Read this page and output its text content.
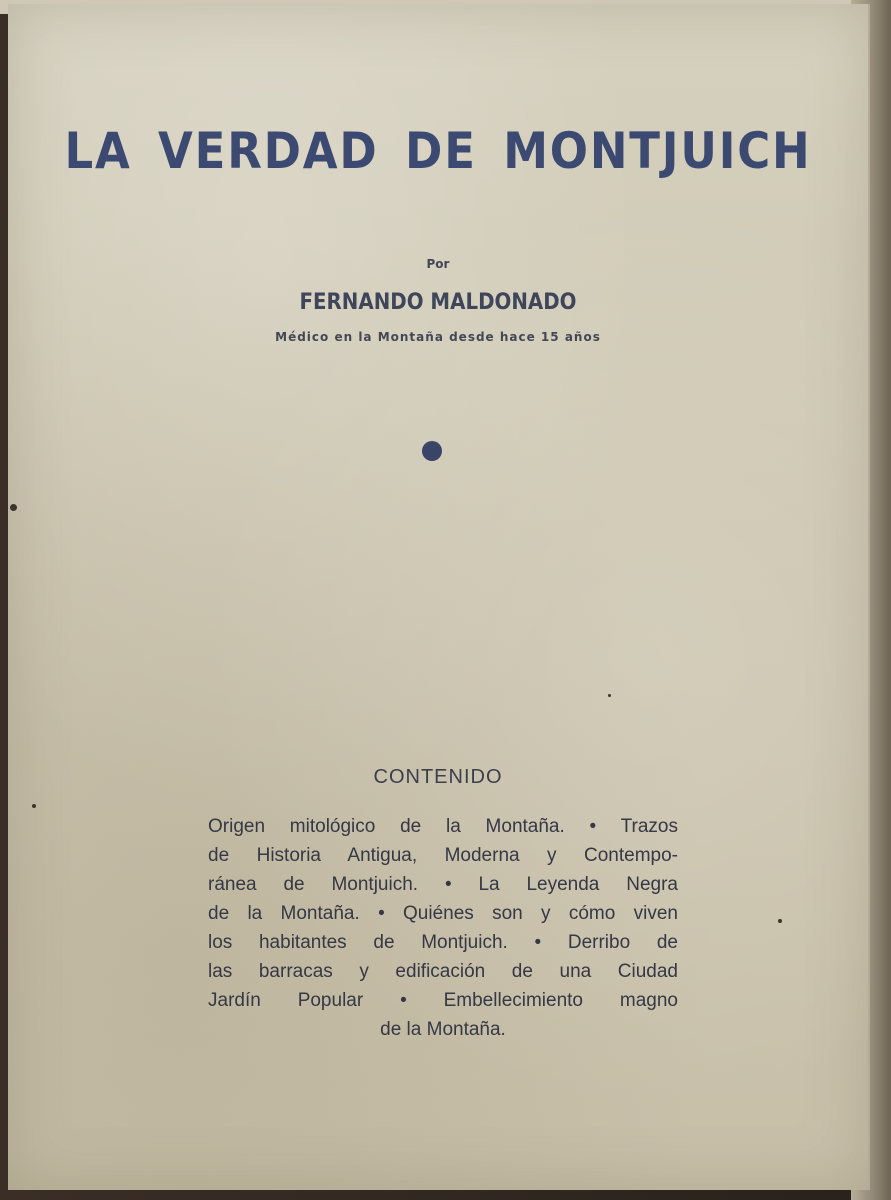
LA VERDAD DE MONTJUICH
Por
FERNANDO MALDONADO
Médico en la Montaña desde hace 15 años
CONTENIDO
Origen mitológico de la Montaña. • Trazos
de Historia Antigua, Moderna y Contempo-
ránea de Montjuich. • La Leyenda Negra
de la Montaña. • Quiénes son y cómo viven
los habitantes de Montjuich. • Derribo de
las barracas y edificación de una Ciudad
Jardín Popular • Embellecimiento magno
de la Montaña.
